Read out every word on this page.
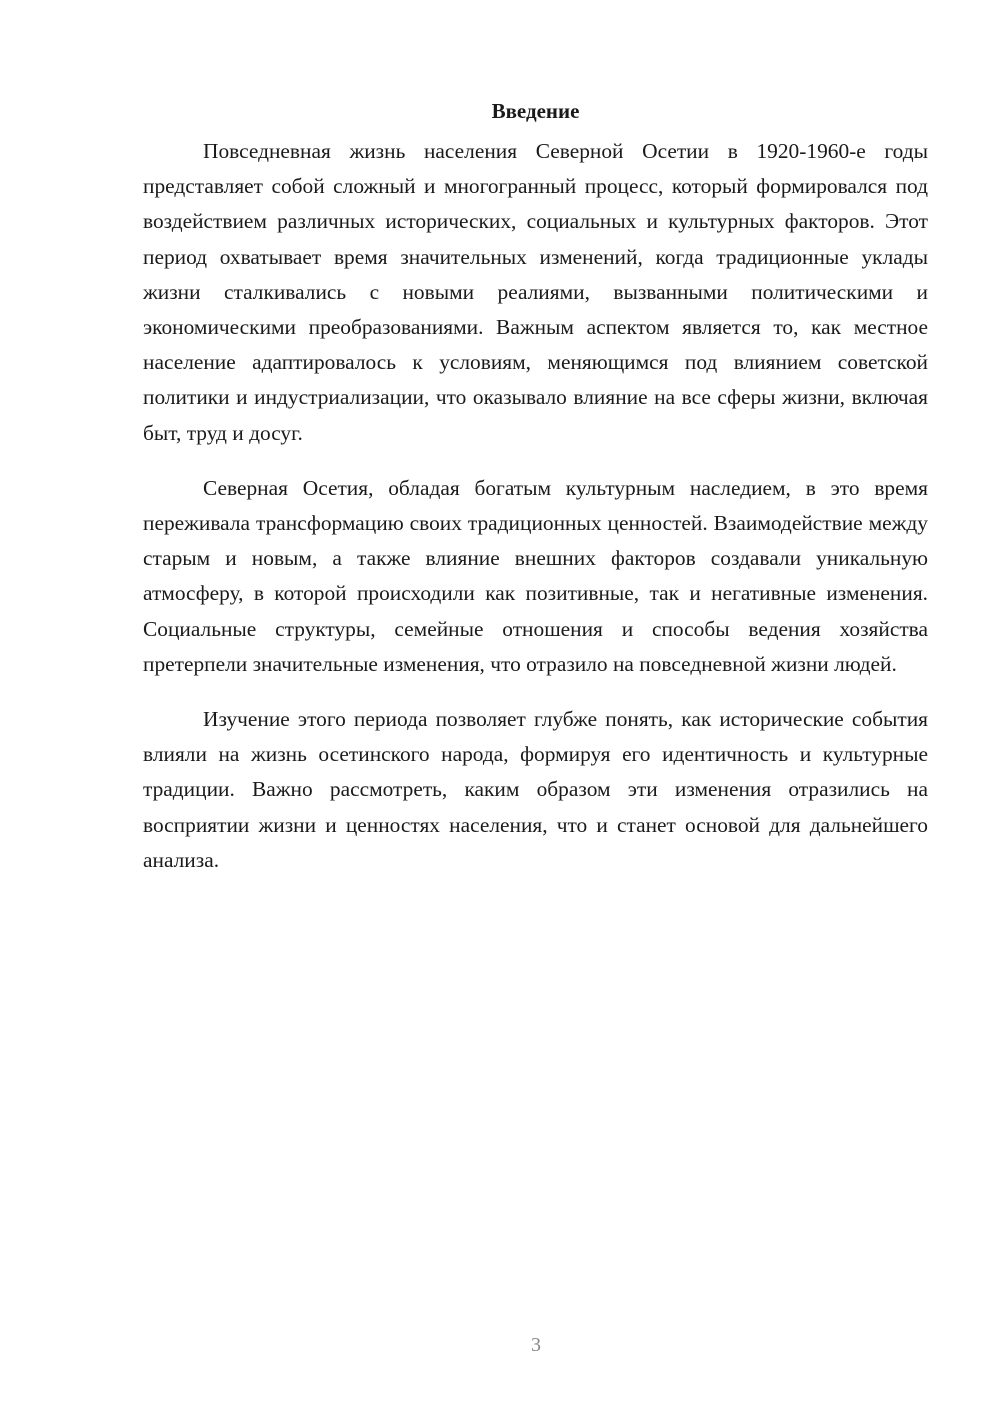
Введение

Повседневная жизнь населения Северной Осетии в 1920-1960-е годы представляет собой сложный и многогранный процесс, который формировался под воздействием различных исторических, социальных и культурных факторов. Этот период охватывает время значительных изменений, когда традиционные уклады жизни сталкивались с новыми реалиями, вызванными политическими и экономическими преобразованиями. Важным аспектом является то, как местное население адаптировалось к условиям, меняющимся под влиянием советской политики и индустриализации, что оказывало влияние на все сферы жизни, включая быт, труд и досуг.

Северная Осетия, обладая богатым культурным наследием, в это время переживала трансформацию своих традиционных ценностей. Взаимодействие между старым и новым, а также влияние внешних факторов создавали уникальную атмосферу, в которой происходили как позитивные, так и негативные изменения. Социальные структуры, семейные отношения и способы ведения хозяйства претерпели значительные изменения, что отразило на повседневной жизни людей.

Изучение этого периода позволяет глубже понять, как исторические события влияли на жизнь осетинского народа, формируя его идентичность и культурные традиции. Важно рассмотреть, каким образом эти изменения отразились на восприятии жизни и ценностях населения, что и станет основой для дальнейшего анализа.

3
